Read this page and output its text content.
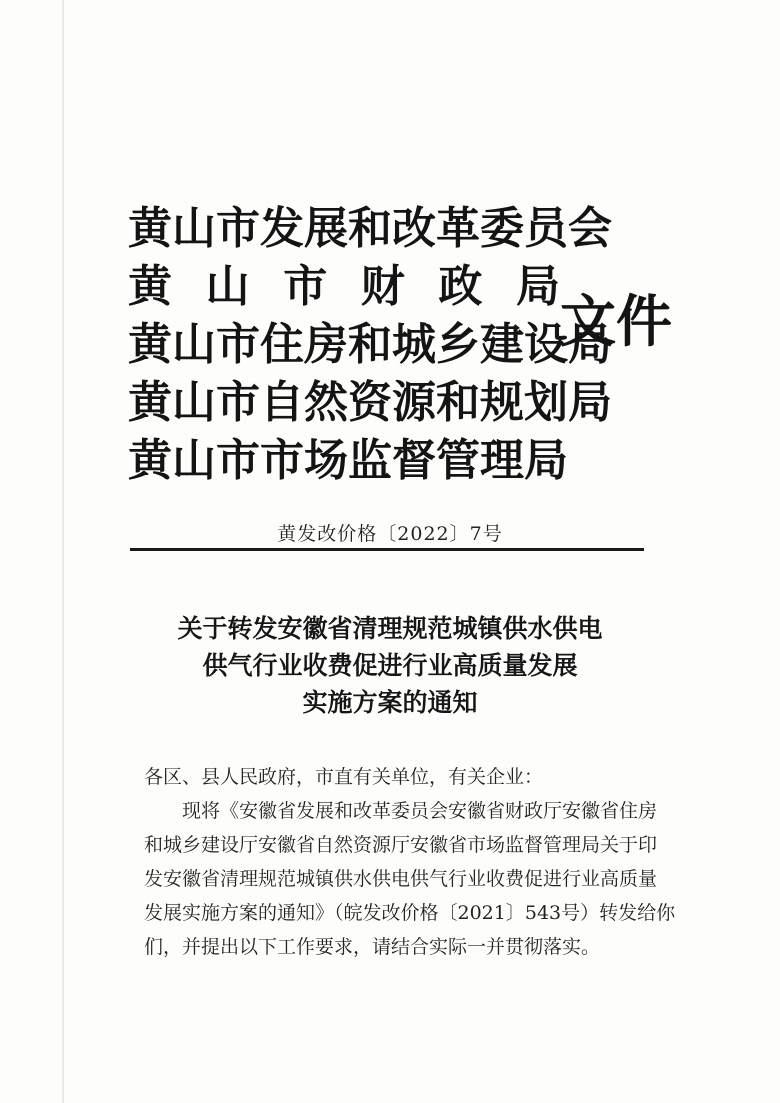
黄山市发展和改革委员会
黄山市财政局
黄山市住房和城乡建设局
黄山市自然资源和规划局
黄山市市场监督管理局
文件
黄发改价格〔2022〕7号
关于转发安徽省清理规范城镇供水供电
供气行业收费促进行业高质量发展
实施方案的通知
各区、县人民政府，市直有关单位，有关企业：
现将《安徽省发展和改革委员会安徽省财政厅安徽省住房
和城乡建设厅安徽省自然资源厅安徽省市场监督管理局关于印
发安徽省清理规范城镇供水供电供气行业收费促进行业高质量
发展实施方案的通知》（皖发改价格〔2021〕543号）转发给你
们，并提出以下工作要求，请结合实际一并贯彻落实。
